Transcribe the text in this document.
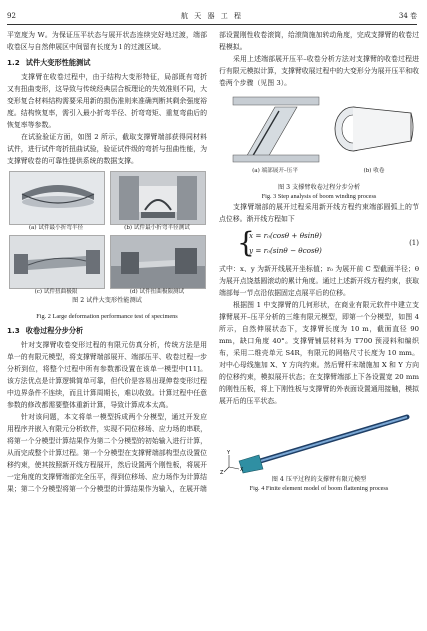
92	航 天 器 工 程	34 卷

平宽度为 W。为保证压平状态与展开状态连续完好地过渡，端部收卷区与自然伸展区中间留有长度为 l 的过渡区域。

1.2 试件大变形性能测试

支撑臂在收卷过程中，由于结构大变形特征，局部既有弯折又有扭曲变形，这导致与传统经典层合板理论的失效准则不同，大变形复合材料结构需要采用新的损伤准则来准确判断其剩余强度裕度。结构恢复率，需引入最小折弯半径、折弯弯矩、重复弯曲后的恢复率等参数。

在试验验证方面，如图 2 所示，截取支撑臂端部获得同材料试件，进行试件弯折扭曲试验，验证试件级的弯折与扭曲性能，为支撑臂收卷的可靠性提供系统的数据支撑。

(a) 试件最小折弯半径	(b) 试件最小折弯半径测试
(c) 试件扭曲极限	(d) 试件扭曲极限测试
图 2 试件大变形性能测试
Fig. 2 Large deformation performance test of specimens
1.3 收卷过程分步分析

针对支撑臂收卷变形过程的有限元仿真分析，传统方法是用单一的有限元模型，将支撑臂端部展开、端部压平、收卷过程一步分析到位，将整个过程中所有参数都设置在该单一模型中[11]。该方法优点是计算逻辑简单可靠，但代价是容易出现伸卷变形过程中边界条件不连续，而且计算周期长，难以收敛。计算过程中任意参数的修改都需要整体重新计算，导致计算成本太高。

针对该问题，本文将单一模型拆成两个分模型，通过开发应用程序并嵌入有限元分析软件，实现不同位移场、应力场的串联，将第一个分模型计算结果作为第二个分模型的初始输入进行计算，从而完成整个计算过程。第一个分模型在支撑臂端部构型点设置位移约束，使其按照新开线方程展开，然后设置两个刚性板，将展开一定角度的支撑臂端部完全压平，得到位移场、应力场作为计算结果；第二个分模型将第一个分模型的计算结果作为输入，在展开端

部设置刚性收卷滚筒，给滚筒施加转动角度，完成支撑臂的收卷过程模拟。

采用上述端部展开压平–收卷分析方法对支撑臂的收卷过程进行有限元模拟计算，支撑臂收展过程中的大变形分为展开压平和收卷两个步骤（见图 3）。

(a) 端部展开–压平	(b) 收卷
图 3 支撑臂收卷过程分步分析
Fig. 3 Step analysis of boom winding process

支撑臂端部的展开过程采用新开线方程约束端部圆弧上的节点位移。渐开线方程如下

{
x = r₀(cosθ + θsinθ)
y = r₀(sinθ − θcosθ)
(1)

式中：x、y 为新开线展开坐标值；r₀ 为展开前 C 型截面半径；θ 为展开点饶基圆滚动的累计角度。通过上述新开线方程约束，获取端部每一节点沿依据固定点展平后的位移。

根据图 1 中支撑臂的几何形状，在商业有限元软件中建立支撑臂展开–压平分析的三维有限元模型，即第一个分模型，如图 4 所示，自然伸展状态下，支撑臂长度为 10 m，截面直径 90 mm，缺口角度 40°。支撑臂铺层材料为 T700 预浸料和编织布，采用二维壳单元 S4R，有限元的网格尺寸长度为 10 mm。对中心母线施加 X、Y 方向约束。然后臂杆末端施加 X 和 Y 方向的位移约束，模拟展开状态；在支撑臂端部上下各设置宽 20 mm 的刚性压板，将上下刚性板与支撑臂的外表面设置通用接触，模拟展开后的压平状态。

Y
X
Z
图 4 压平过程的支撑臂有限元模型
Fig. 4 Finite element model of boom flattening process
